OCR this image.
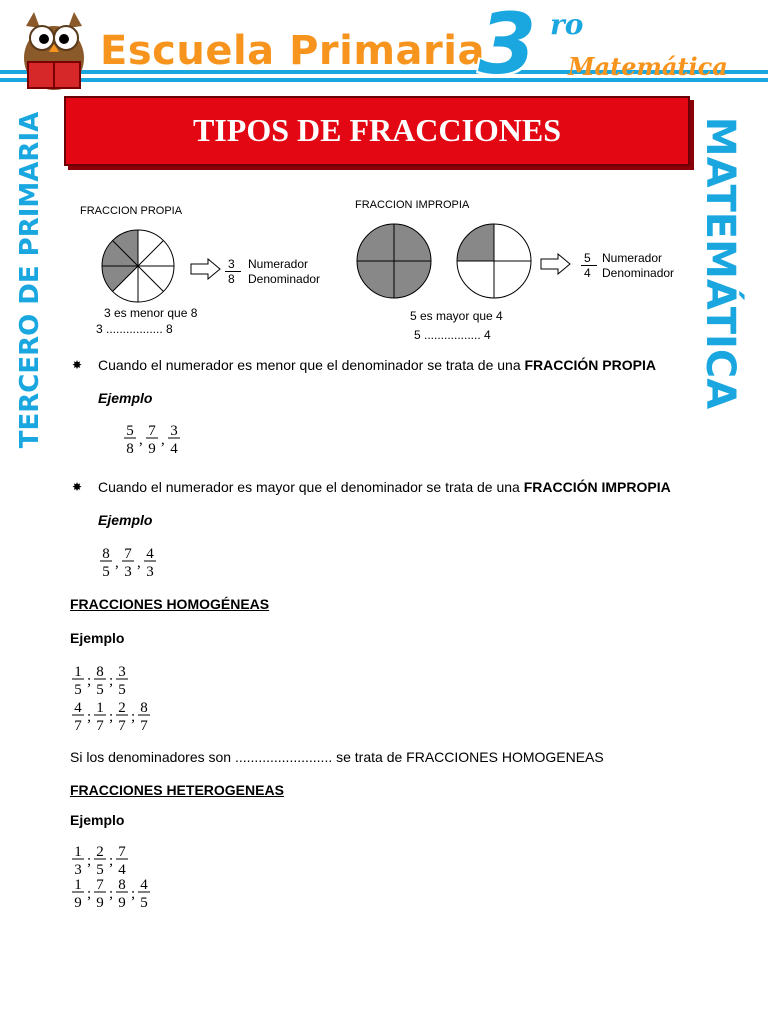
Escuela Primaria
3 ro
Matemática
TIPOS DE FRACCIONES
TERCERO DE PRIMARIA	MATEMÁTICA
FRACCION PROPIA
3
8
Numerador
Denominador
3 es menor que 8
3 ................. 8
FRACCION IMPROPIA
5
4
Numerador
Denominador
5 es mayor que 4
5 ................. 4
✸ Cuando el numerador es menor que el denominador se trata de una FRACCIÓN PROPIA
Ejemplo
5
8
,
7
9
,
3
4
✸ Cuando el numerador es mayor que el denominador se trata de una FRACCIÓN IMPROPIA
Ejemplo
8
5
,
7
3
,
4
3
FRACCIONES HOMOGÉNEAS
Ejemplo
1
5
;
8
5
;
3
5
4
7
;
1
7
;
2
7
;
8
7
Si los denominadores son ......................... se trata de FRACCIONES HOMOGENEAS
FRACCIONES HETEROGENEAS
Ejemplo
1
3
;
2
5
;
7
4
1
9
;
7
9
;
8
9
;
4
5
